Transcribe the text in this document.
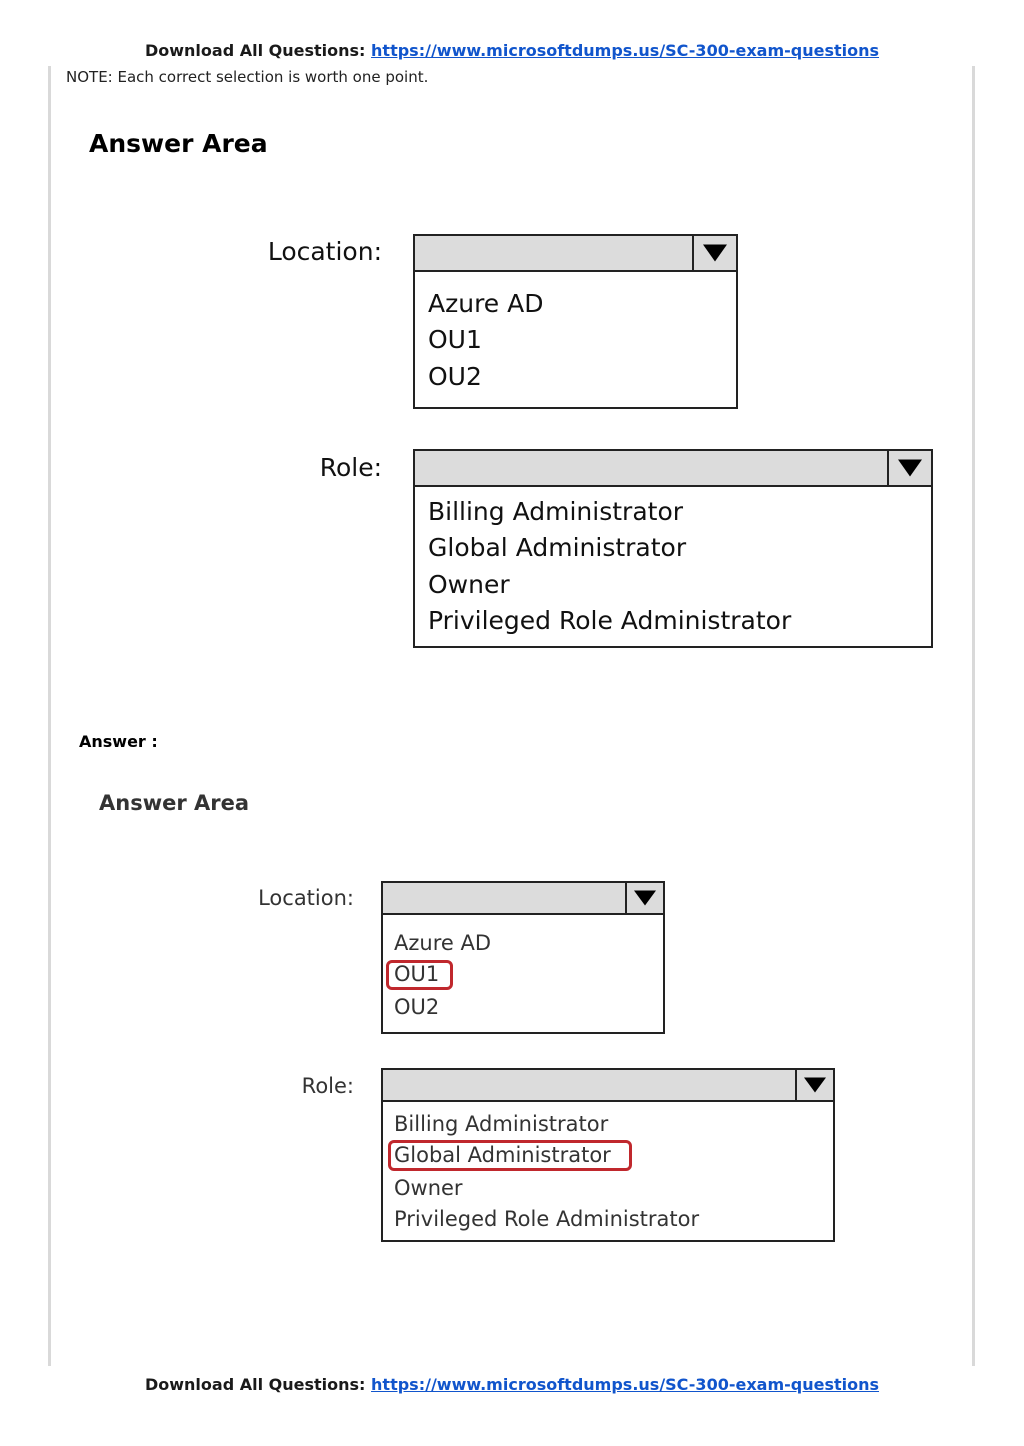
Download All Questions: https://www.microsoftdumps.us/SC-300-exam-questions
NOTE: Each correct selection is worth one point.
Answer Area
Location:
Azure AD
OU1
OU2
Role:
Billing Administrator
Global Administrator
Owner
Privileged Role Administrator
Answer :
Answer Area
Location:
Azure AD
OU1
OU2
Role:
Billing Administrator
Global Administrator
Owner
Privileged Role Administrator
Download All Questions: https://www.microsoftdumps.us/SC-300-exam-questions
